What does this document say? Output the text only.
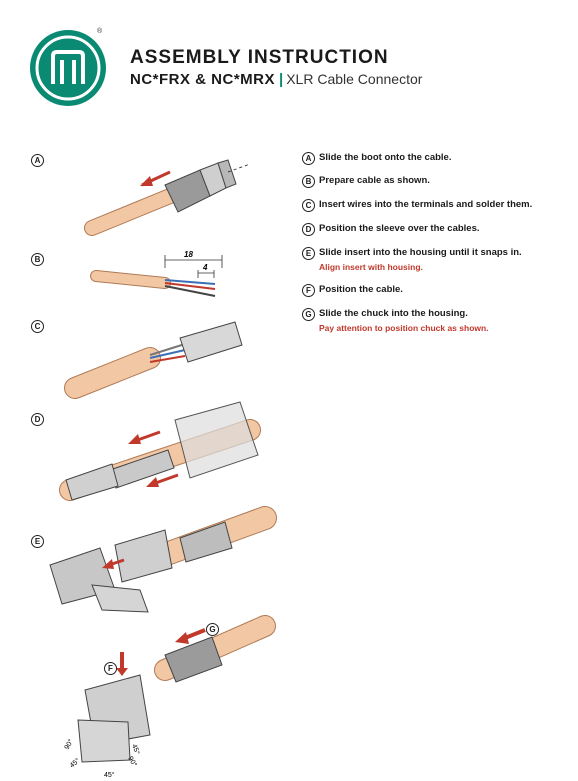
®
ASSEMBLY INSTRUCTION
NC*FRX & NC*MRX | XLR Cable Connector
A
B
C
D
E
18
4
90°
45°
45°
90°
45°
F
G
A Slide the boot onto the cable.
B Prepare cable as shown.
C Insert wires into the terminals and solder them.
D Position the sleeve over the cables.
E Slide insert into the housing until it snaps in.
Align insert with housing.
F Position the cable.
G Slide the chuck into the housing.
Pay attention to position chuck as shown.
